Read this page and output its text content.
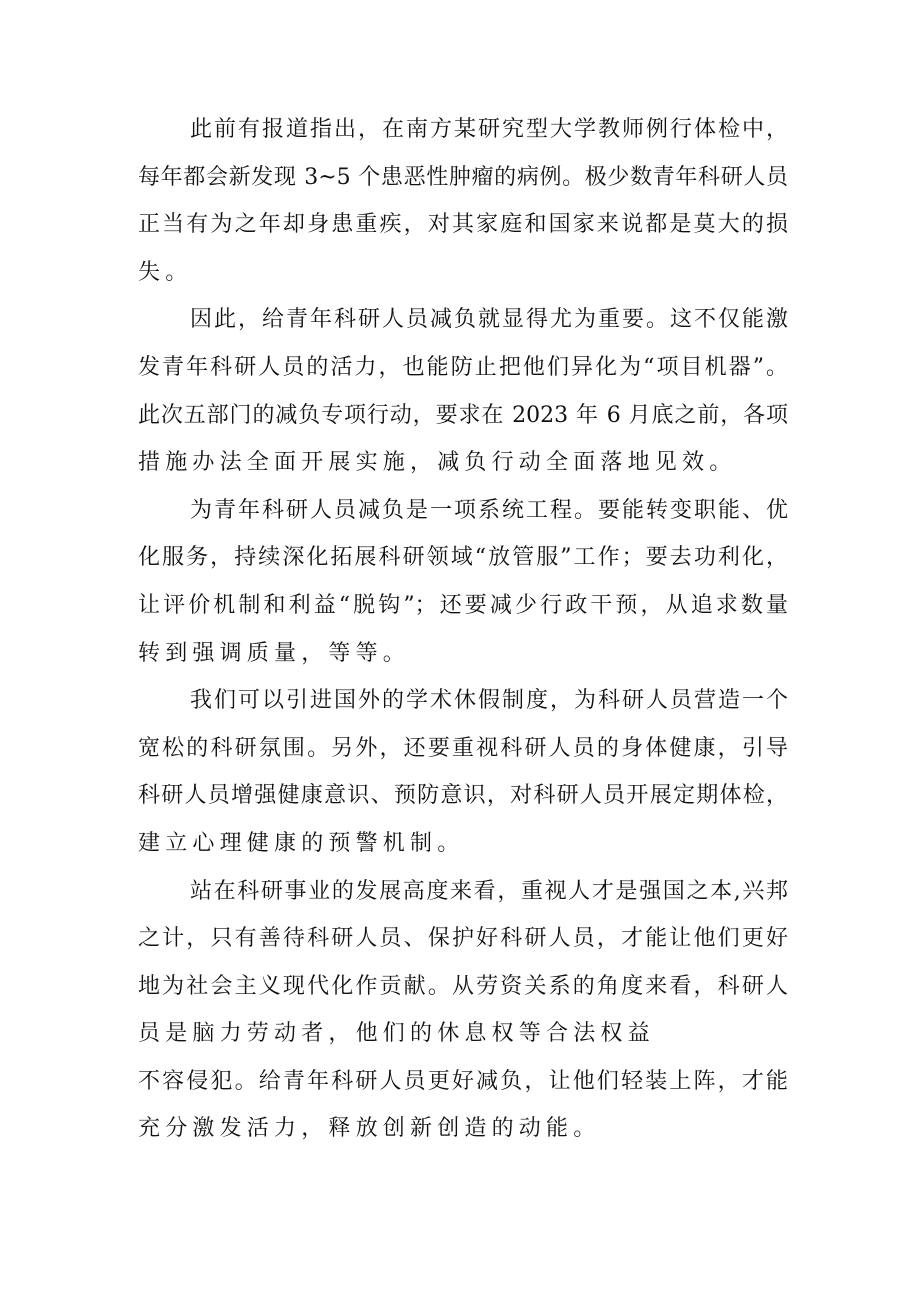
此前有报道指出，在南方某研究型大学教师例行体检中，
每年都会新发现 3~5 个患恶性肿瘤的病例。极少数青年科研人员
正当有为之年却身患重疾，对其家庭和国家来说都是莫大的损
失。
因此，给青年科研人员减负就显得尤为重要。这不仅能激
发青年科研人员的活力，也能防止把他们异化为“项目机器”。
此次五部门的减负专项行动，要求在 2023 年 6 月底之前，各项
措施办法全面开展实施，减负行动全面落地见效。
为青年科研人员减负是一项系统工程。要能转变职能、优
化服务，持续深化拓展科研领域“放管服”工作；要去功利化，
让评价机制和利益“脱钩”；还要减少行政干预，从追求数量
转到强调质量，等等。
我们可以引进国外的学术休假制度，为科研人员营造一个
宽松的科研氛围。另外，还要重视科研人员的身体健康，引导
科研人员增强健康意识、预防意识，对科研人员开展定期体检，
建立心理健康的预警机制。
站在科研事业的发展高度来看，重视人才是强国之本,兴邦
之计，只有善待科研人员、保护好科研人员，才能让他们更好
地为社会主义现代化作贡献。从劳资关系的角度来看，科研人
员是脑力劳动者，他们的休息权等合法权益
不容侵犯。给青年科研人员更好减负，让他们轻装上阵，才能
充分激发活力，释放创新创造的动能。
